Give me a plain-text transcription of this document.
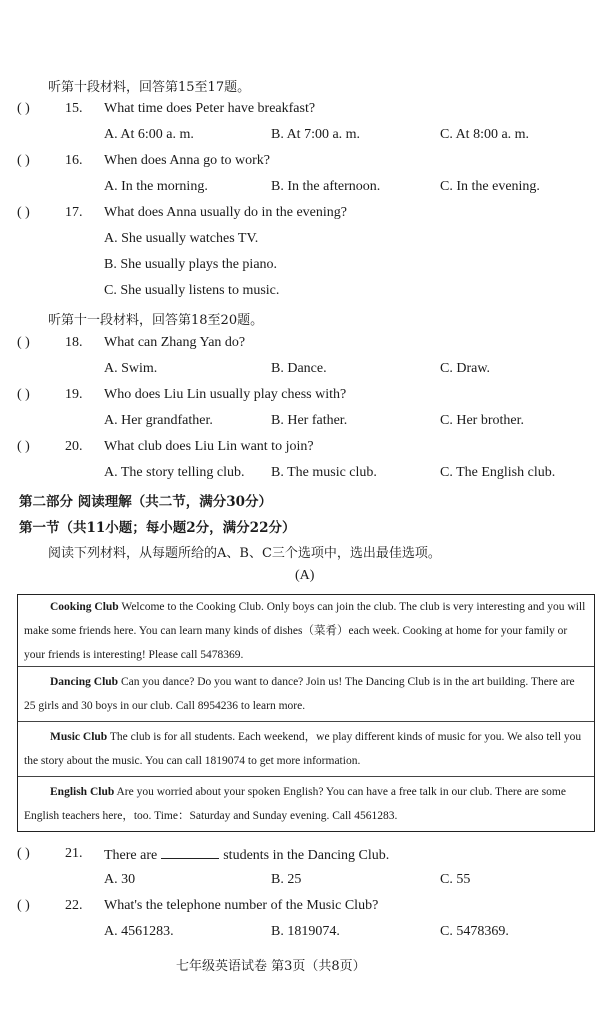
听第十段材料，回答第15至17题。
( )	15. What time does Peter have breakfast?
A. At 6:00 a. m.	B. At 7:00 a. m.	C. At 8:00 a. m.
( )	16. When does Anna go to work?
A. In the morning.	B. In the afternoon.	C. In the evening.
( )	17. What does Anna usually do in the evening?
A. She usually watches TV.
B. She usually plays the piano.
C. She usually listens to music.
听第十一段材料，回答第18至20题。
( )	18. What can Zhang Yan do?
A. Swim.	B. Dance.	C. Draw.
( )	19. Who does Liu Lin usually play chess with?
A. Her grandfather.	B. Her father.	C. Her brother.
( )	20. What club does Liu Lin want to join?
A. The story telling club. B. The music club.	C. The English club.
第二部分 阅读理解（共二节，满分30分）
第一节（共11小题；每小题2分，满分22分）
阅读下列材料，从每题所给的A、B、C三个选项中，选出最佳选项。
(A)
Cooking Club Welcome to the Cooking Club. Only boys can join the club. The club is very interesting and you will make some friends here. You can learn many kinds of dishes（菜肴）each week. Cooking at home for your family or your friends is interesting! Please call 5478369.
Dancing Club Can you dance? Do you want to dance? Join us! The Dancing Club is in the art building. There are 25 girls and 30 boys in our club. Call 8954236 to learn more.
Music Club The club is for all students. Each weekend，we play different kinds of music for you. We also tell you the story about the music. You can call 1819074 to get more information.
English Club Are you worried about your spoken English? You can have a free talk in our club. There are some English teachers here，too. Time：Saturday and Sunday evening. Call 4561283.
( )	21. There are	students in the Dancing Club.
A. 30	B. 25	C. 55
( )	22. What's the telephone number of the Music Club?
A. 4561283.	B. 1819074.	C. 5478369.
七年级英语试卷 第3页（共8页）
